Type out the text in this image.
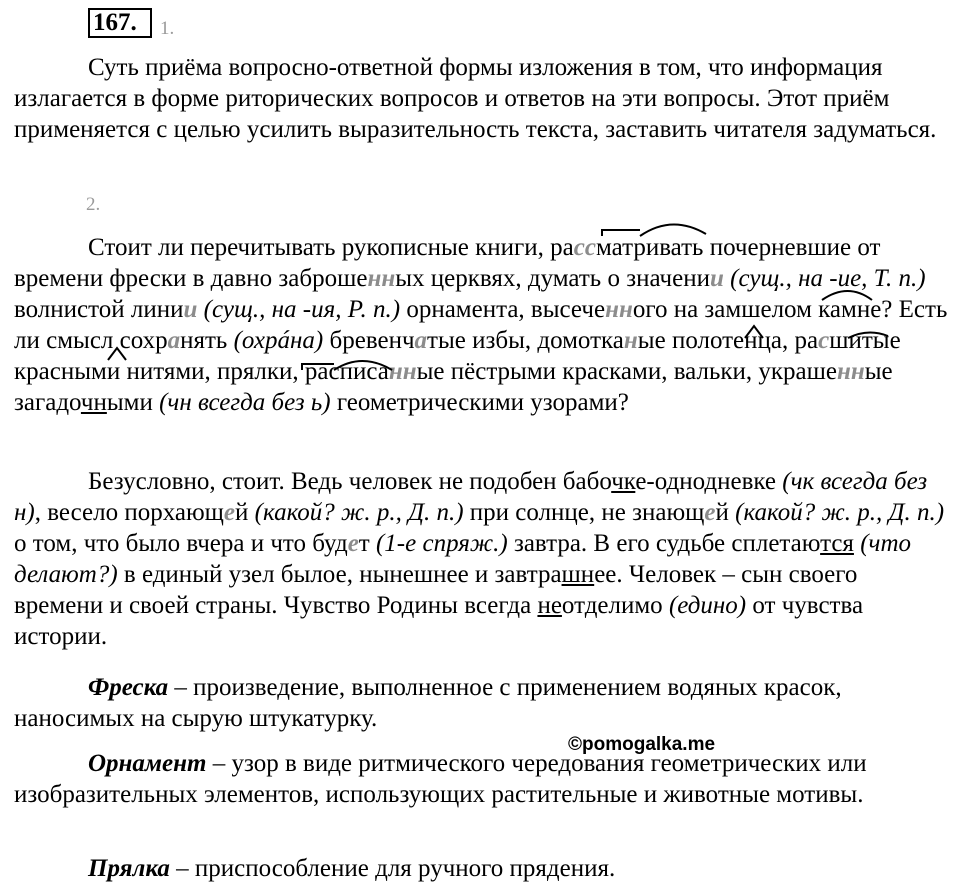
167.	1.

Суть приёма вопросно-ответной формы изложения в том, что информация излагается в форме риторических вопросов и ответов на эти вопросы. Этот приём применяется с целью усилить выразительность текста, заставить читателя задуматься.

2.

Стоит ли перечитывать рукописные книги, рассматривать почерневшие от времени фрески в давно заброшенных церквях, думать о значении (сущ., на -ие, Т. п.) волнистой линии (сущ., на -ия, Р. п.) орнамента, высеченного на замшелом камне? Есть ли смысл сохранять (охрáна) бревенчатые избы, домотканые полотенца, расшитые красными нитями, прялки, расписанные пёстрыми красками, вальки, украшенные загадочными (чн всегда без ь) геометрическими узорами?

Безусловно, стоит. Ведь человек не подобен бабочке-однодневке (чк всегда без н), весело порхающей (какой? ж. р., Д. п.) при солнце, не знающей (какой? ж. р., Д. п.) о том, что было вчера и что будет (1-е спряж.) завтра. В его судьбе сплетаются (что делают?) в единый узел былое, нынешнее и завтрашнее. Человек – сын своего времени и своей страны. Чувство Родины всегда неотделимо (едино) от чувства истории.

Фреска – произведение, выполненное с применением водяных красок, наносимых на сырую штукатурку.

©pomogalka.me

Орнамент – узор в виде ритмического чередования геометрических или изобразительных элементов, использующих растительные и животные мотивы.

Прялка – приспособление для ручного прядения.
